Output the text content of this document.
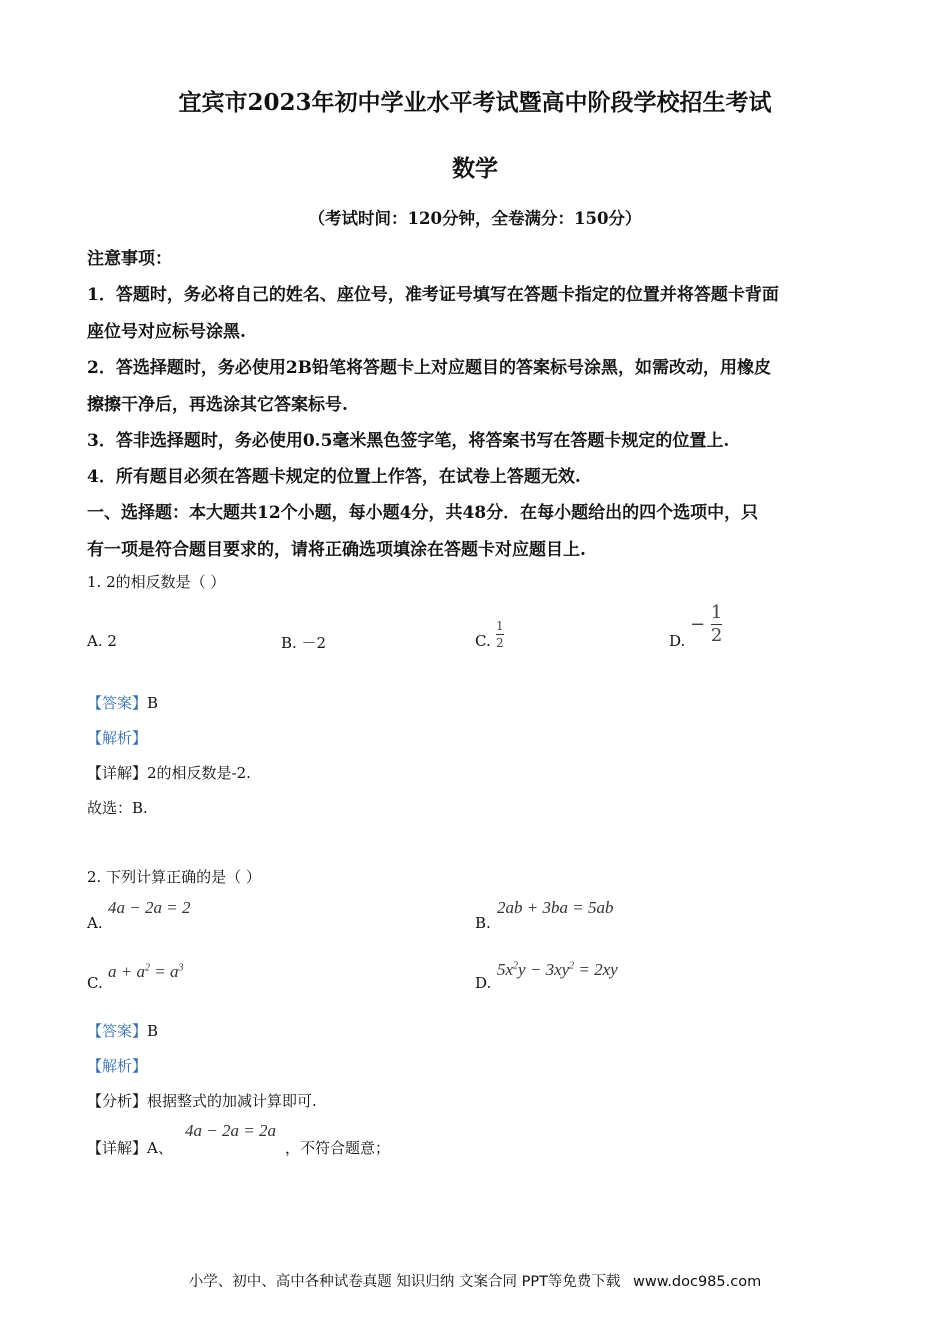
宜宾市2023年初中学业水平考试暨高中阶段学校招生考试
数学
（考试时间：120分钟，全卷满分：150分）
注意事项：
1．答题时，务必将自己的姓名、座位号，准考证号填写在答题卡指定的位置并将答题卡背面
座位号对应标号涂黑.
2．答选择题时，务必使用2B铅笔将答题卡上对应题目的答案标号涂黑，如需改动，用橡皮
擦擦干净后，再选涂其它答案标号.
3．答非选择题时，务必使用0.5毫米黑色签字笔，将答案书写在答题卡规定的位置上.
4．所有题目必须在答题卡规定的位置上作答，在试卷上答题无效.
一、选择题：本大题共12个小题，每小题4分，共48分．在每小题给出的四个选项中，只
有一项是符合题目要求的，请将正确选项填涂在答题卡对应题目上.
1. 2的相反数是（ ）
A. 2	B. －2	C. $\frac{1}{2}$	D.
− $\frac{1}{2}$
【答案】B
【解析】
【详解】2的相反数是-2.
故选：B.
2. 下列计算正确的是（ ）
A.
4a − 2a = 2
B.
2ab + 3ba = 5ab
C.
$a + a^2 = a^3$
D.
$5x^2y - 3xy^2 = 2xy$
【答案】B
【解析】
【分析】根据整式的加减计算即可.
【详解】A、
4a − 2a = 2a
，不符合题意；
小学、初中、高中各种试卷真题 知识归纳 文案合同 PPT等免费下载 www.doc985.com
